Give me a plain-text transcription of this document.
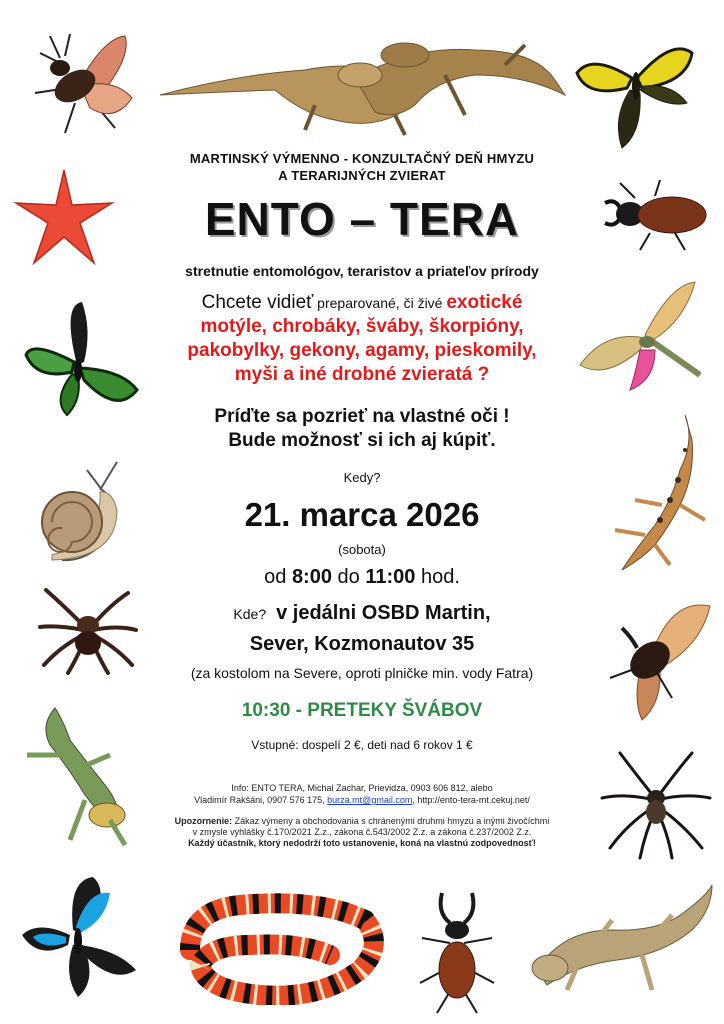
MARTINSKÝ VÝMENNO - KONZULTAČNÝ DEŇ HMYZU
A TERARIJNÝCH ZVIERAT
ENTO – TERA
stretnutie entomológov, teraristov a priateľov prírody
Chcete vidieť preparované, či živé exotické
motýle, chrobáky, šváby, škorpióny,
pakobylky, gekony, agamy, pieskomily,
myši a iné drobné zvieratá ?
Príďte sa pozrieť na vlastné oči !
Bude možnosť si ich aj kúpiť.
Kedy?
21. marca 2026
(sobota)
od 8:00 do 11:00 hod.
Kde? v jedálni OSBD Martin,
Sever, Kozmonautov 35
(za kostolom na Severe, oproti plničke min. vody Fatra)
10:30 - PRETEKY ŠVÁBOV
Vstupné: dospelí 2 €, deti nad 6 rokov 1 €
Info: ENTO TERA, Michal Zachar, Prievidza, 0903 606 812, alebo
Vladimír Rakšáni, 0907 576 175, burza.mt@gmail.com, http://ento-tera-mt.cekuj.net/
Upozornenie: Zákaz výmeny a obchodovania s chránenými druhmi hmyzu a inými živočíchmi
v zmysle vyhlášky č.170/2021 Z.z., zákona č.543/2002 Z.z. a zákona č.237/2002 Z.z.
Každý účastník, ktorý nedodrží toto ustanovenie, koná na vlastnú zodpovednosť!
